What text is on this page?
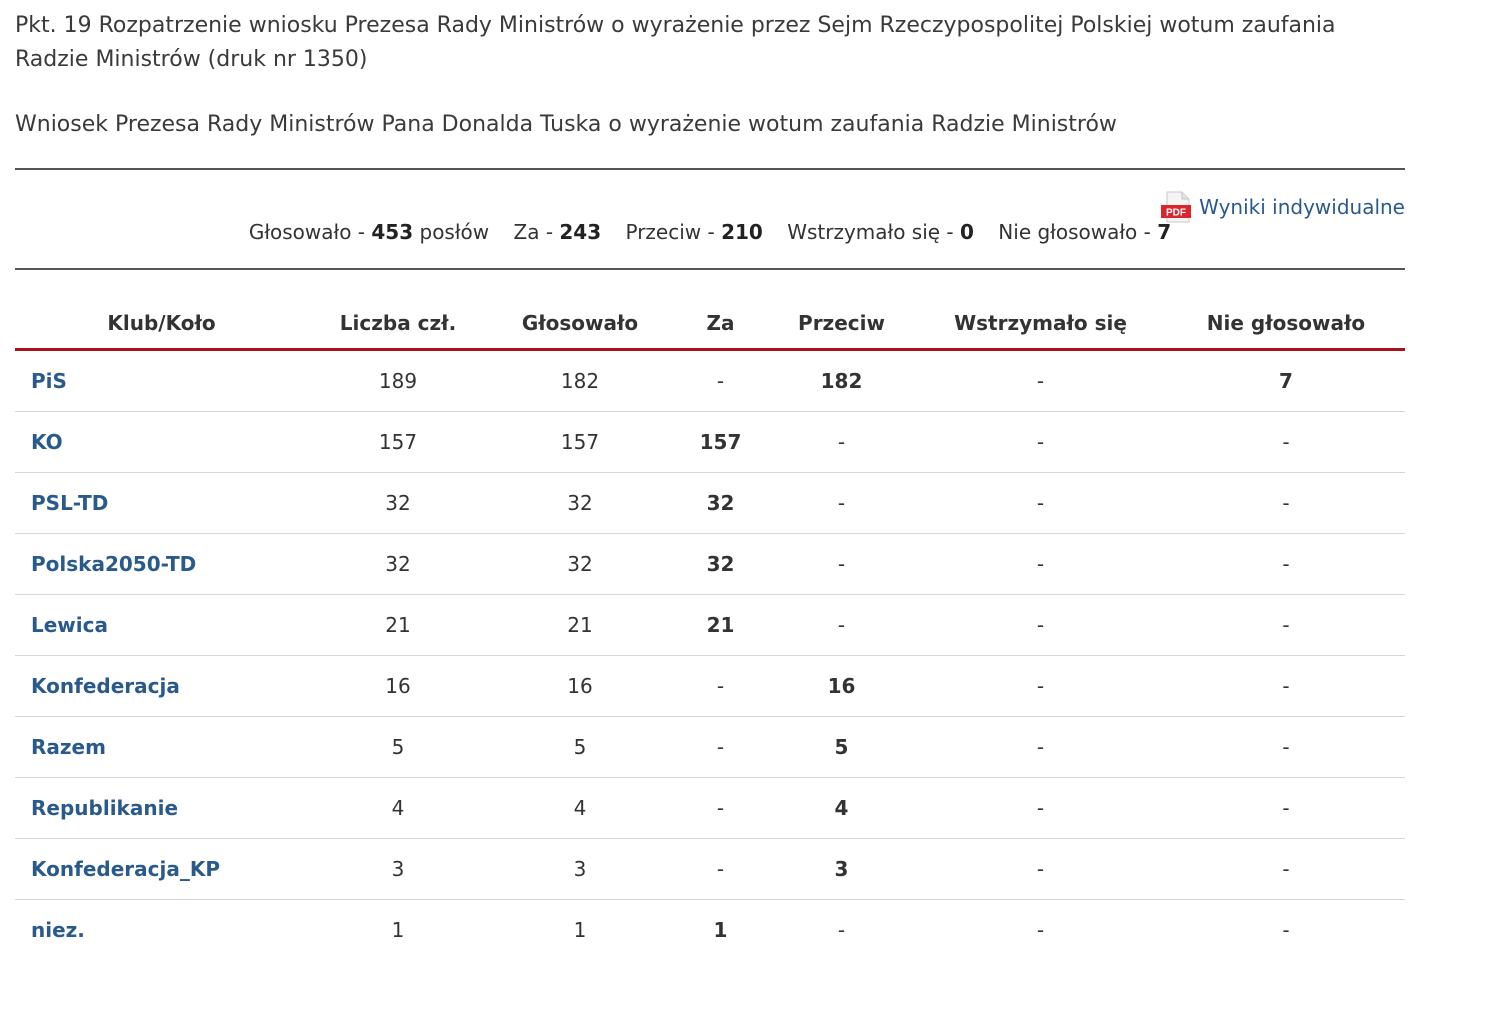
Pkt. 19 Rozpatrzenie wniosku Prezesa Rady Ministrów o wyrażenie przez Sejm Rzeczypospolitej Polskiej wotum zaufania Radzie Ministrów (druk nr 1350)
Wniosek Prezesa Rady Ministrów Pana Donalda Tuska o wyrażenie wotum zaufania Radzie Ministrów
PDF Wyniki indywidualne
Głosowało - 453 posłów Za - 243 Przeciw - 210 Wstrzymało się - 0 Nie głosowało - 7
Klub/Koło	Liczba czł.	Głosowało	Za	Przeciw	Wstrzymało się	Nie głosowało
PiS	189	182	-	182	-	7
KO	157	157	157	-	-	-
PSL-TD	32	32	32	-	-	-
Polska2050-TD	32	32	32	-	-	-
Lewica	21	21	21	-	-	-
Konfederacja	16	16	-	16	-	-
Razem	5	5	-	5	-	-
Republikanie	4	4	-	4	-	-
Konfederacja_KP	3	3	-	3	-	-
niez.	1	1	1	-	-	-
